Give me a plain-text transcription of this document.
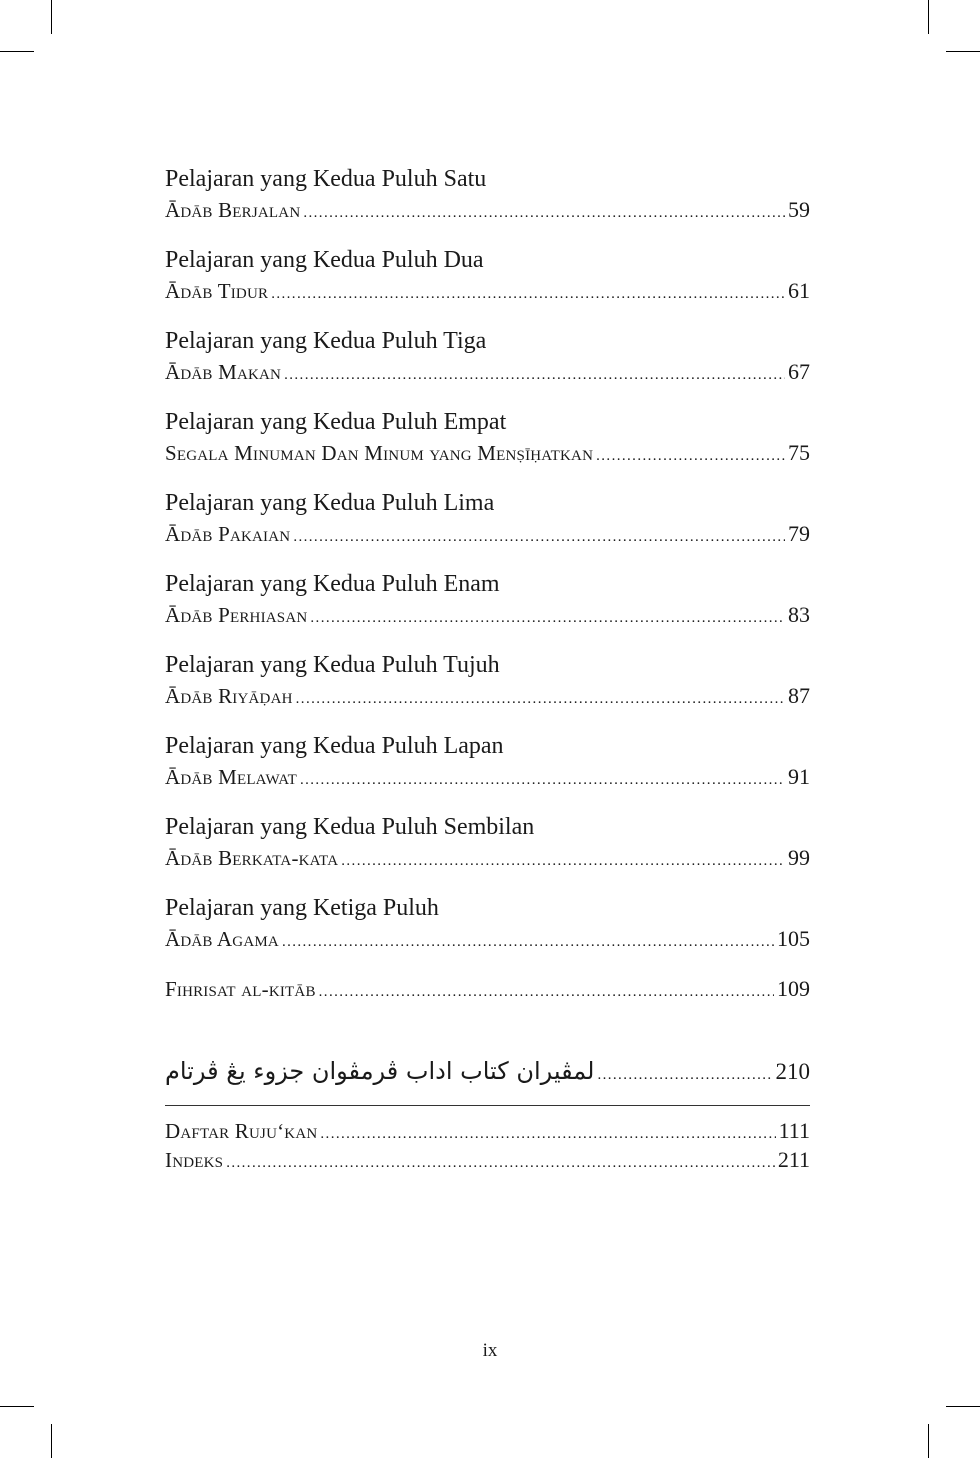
Pelajaran yang Kedua Puluh Satu
Ādāb Berjalan .....	59
Pelajaran yang Kedua Puluh Dua
Ādāb Tidur .....	61
Pelajaran yang Kedua Puluh Tiga
Ādāb Makan .....	67
Pelajaran yang Kedua Puluh Empat
Segala Minuman Dan Minum yang Menṣīḥatkan .....	75
Pelajaran yang Kedua Puluh Lima
Ādāb Pakaian .....	79
Pelajaran yang Kedua Puluh Enam
Ādāb Perhiasan .....	83
Pelajaran yang Kedua Puluh Tujuh
Ādāb Riyāḍah .....	87
Pelajaran yang Kedua Puluh Lapan
Ādāb Melawat .....	91
Pelajaran yang Kedua Puluh Sembilan
Ādāb Berkata-kata .....	99
Pelajaran yang Ketiga Puluh
Ādāb Agama .....	105
Fihrisat al-kitāb .....	109
لمڤيران كتاب اداب ڤرمڤوان جزوء يڠ ڤرتام .....	210
Daftar Ruju‘kan .....	111
Indeks .....	211
ix
